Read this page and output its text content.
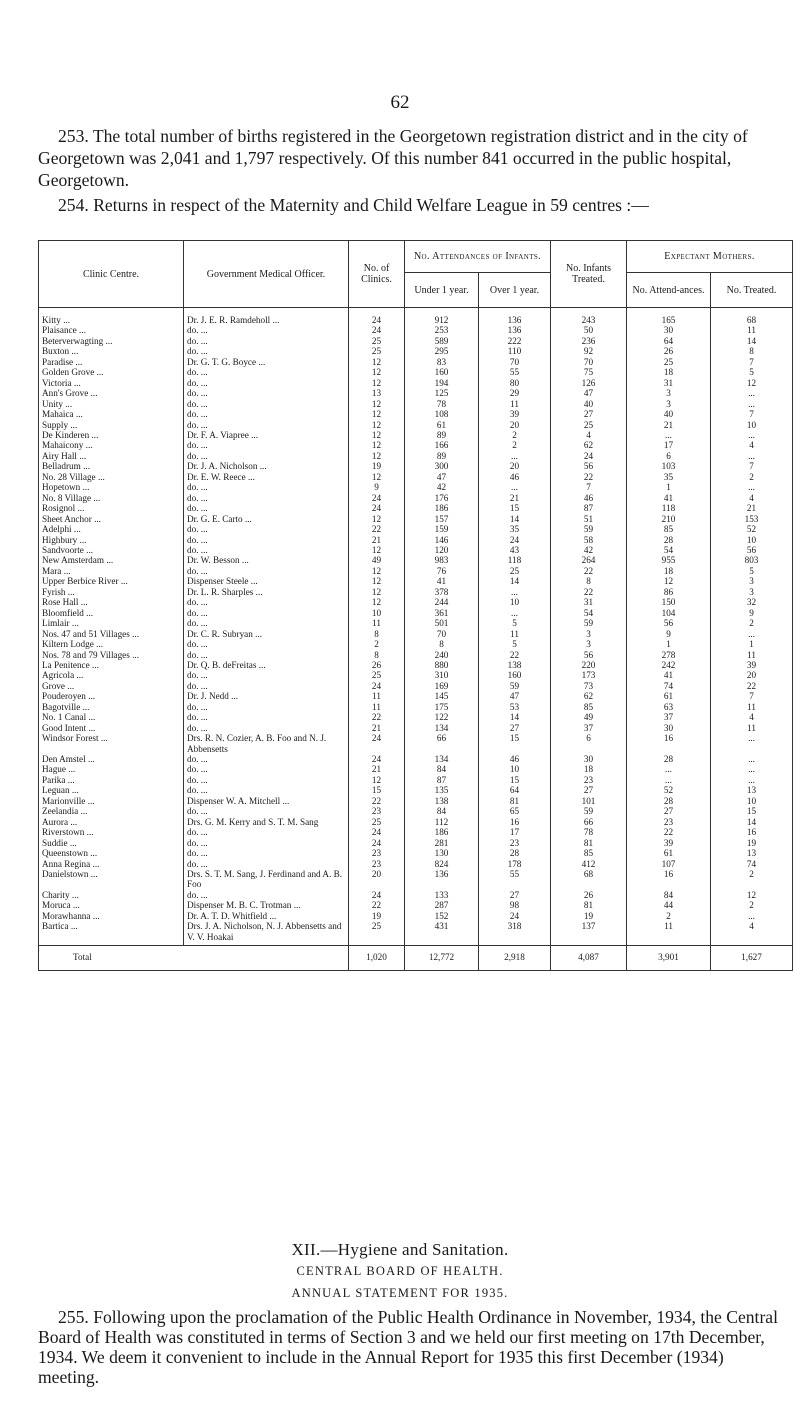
62

253. The total number of births registered in the Georgetown registration district and in the city of Georgetown was 2,041 and 1,797 respectively. Of this number 841 occurred in the public hospital, Georgetown.

254. Returns in respect of the Maternity and Child Welfare League in 59 centres :—

Clinic Centre.	Government Medical Officer.	No. of Clinics.	No. Attendances of Infants.		No. Infants Treated.	Expectant Mothers.	
			Under 1 year.	Over 1 year.		No. Attend-ances.	No. Treated.
Kitty ...	Dr. J. E. R. Ramdeholl ...	24	912	136	243	165	68
Plaisance ...	do. ...	24	253	136	50	30	11
Beterverwagting ...	do. ...	25	589	222	236	64	14
Buxton ...	do. ...	25	295	110	92	26	8
Paradise ...	Dr. G. T. G. Boyce ...	12	83	70	70	25	7
Golden Grove ...	do. ...	12	160	55	75	18	5
Victoria ...	do. ...	12	194	80	126	31	12
Ann's Grove ...	do. ...	13	125	29	47	3	...
Unity ...	do. ...	12	78	11	40	3	...
Mahaica ...	do. ...	12	108	39	27	40	7
Supply ...	do. ...	12	61	20	25	21	10
De Kinderen ...	Dr. F. A. Viapree ...	12	89	2	4	...	...
Mahaicony ...	do. ...	12	166	2	62	17	4
Airy Hall ...	do. ...	12	89	...	24	6	...
Belladrum ...	Dr. J. A. Nicholson ...	19	300	20	56	103	7
No. 28 Village ...	Dr. E. W. Reece ...	12	47	46	22	35	2
Hopetown ...	do. ...	9	42	...	7	1	...
No. 8 Village ...	do. ...	24	176	21	46	41	4
Rosignol ...	do. ...	24	186	15	87	118	21
Sheet Anchor ...	Dr. G. E. Carto ...	12	157	14	51	210	153
Adelphi ...	do. ...	22	159	35	59	85	52
Highbury ...	do. ...	21	146	24	58	28	10
Sandvoorte ...	do. ...	12	120	43	42	54	56
New Amsterdam ...	Dr. W. Besson ...	49	983	118	264	955	803
Mara ...	do. ...	12	76	25	22	18	5
Upper Berbice River ...	Dispenser Steele ...	12	41	14	8	12	3
Fyrish ...	Dr. L. R. Sharples ...	12	378	...	22	86	3
Rose Hall ...	do. ...	12	244	10	31	150	32
Bloomfield ...	do. ...	10	361	...	54	104	9
Limlair ...	do. ...	11	501	5	59	56	2
Nos. 47 and 51 Villages ...	Dr. C. R. Subryan ...	8	70	11	3	9	...
Kiltern Lodge ...	do. ...	2	8	5	3	1	1
Nos. 78 and 79 Villages ...	do. ...	8	240	22	56	278	11
La Penitence ...	Dr. Q. B. deFreitas ...	26	880	138	220	242	39
Agricola ...	do. ...	25	310	160	173	41	20
Grove ...	do. ...	24	169	59	73	74	22
Pouderoyen ...	Dr. J. Nedd ...	11	145	47	62	61	7
Bagotville ...	do. ...	11	175	53	85	63	11
No. 1 Canal ...	do. ...	22	122	14	49	37	4
Good Intent ...	do. ...	21	134	27	37	30	11
Windsor Forest ...	Drs. R. N. Cozier, A. B. Foo and N. J. Abbensetts	24	66	15	6	16	...
Den Amstel ...	do. ...	24	134	46	30	28	...
Hague ...	do. ...	21	84	10	18	...	...
Parika ...	do. ...	12	87	15	23	...	...
Leguan ...	do. ...	15	135	64	27	52	13
Marionville ...	Dispenser W. A. Mitchell ...	22	138	81	101	28	10
Zeelandia ...	do. ...	23	84	65	59	27	15
Aurora ...	Drs. G. M. Kerry and S. T. M. Sang	25	112	16	66	23	14
Riverstown ...	do. ...	24	186	17	78	22	16
Suddie ...	do. ...	24	281	23	81	39	19
Queenstown ...	do. ...	23	130	28	85	61	13
Anna Regina ...	do. ...	23	824	178	412	107	74
Danielstown ...	Drs. S. T. M. Sang, J. Ferdinand and A. B. Foo	20	136	55	68	16	2
Charity ...	do. ...	24	133	27	26	84	12
Moruca ...	Dispenser M. B. C. Trotman ...	22	287	98	81	44	2
Morawhanna ...	Dr. A. T. D. Whitfield ...	19	152	24	19	2	...
Bartica ...	Drs. J. A. Nicholson, N. J. Abbensetts and V. V. Hoakai	25	431	318	137	11	4
Total		1,020	12,772	2,918	4,087	3,901	1,627
XII.—Hygiene and Sanitation.
CENTRAL BOARD OF HEALTH.
ANNUAL STATEMENT FOR 1935.

255. Following upon the proclamation of the Public Health Ordinance in November, 1934, the Central Board of Health was constituted in terms of Section 3 and we held our first meeting on 17th December, 1934. We deem it convenient to include in the Annual Report for 1935 this first December (1934) meeting.
